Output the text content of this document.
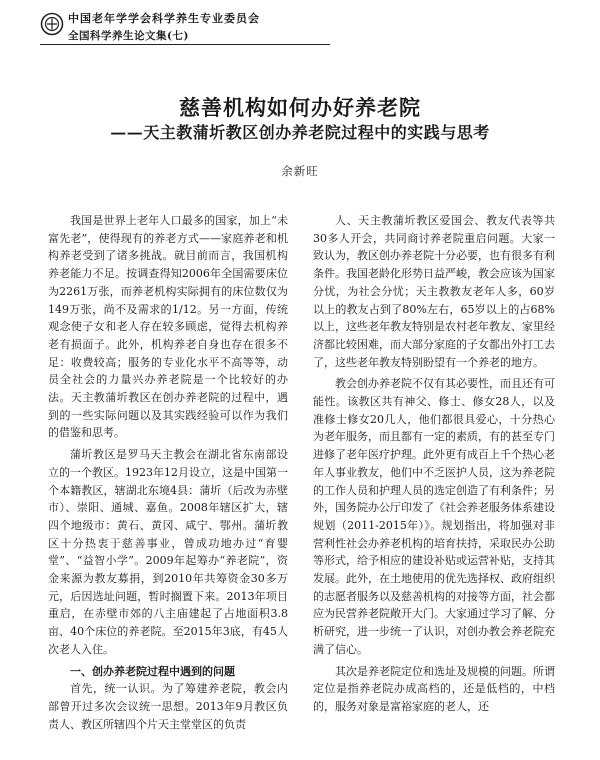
中国老年学学会科学养生专业委员会
全国科学养生论文集(七)
慈善机构如何办好养老院
——天主教蒲圻教区创办养老院过程中的实践与思考
余新旺

我国是世界上老年人口最多的国家，加上“未富先老”，使得现有的养老方式——家庭养老和机构养老受到了诸多挑战。就目前而言，我国机构养老能力不足。按调查得知2006年全国需要床位为2261万张，而养老机构实际拥有的床位数仅为149万张，尚不及需求的1/12。另一方面，传统观念使子女和老人存在较多顾虑，觉得去机构养老有损面子。此外，机构养老自身也存在很多不足：收费较高；服务的专业化水平不高等等，动员全社会的力量兴办养老院是一个比较好的办法。天主教蒲圻教区在创办养老院的过程中，遇到的一些实际问题以及其实践经验可以作为我们的借鉴和思考。

蒲圻教区是罗马天主教会在湖北省东南部设立的一个教区。1923年12月设立，这是中国第一个本籍教区，辖湖北东境4县：蒲圻（后改为赤壁市）、崇阳、通城、嘉鱼。2008年辖区扩大，辖四个地级市：黄石、黄冈、咸宁、鄂州。蒲圻教区十分热衷于慈善事业，曾成功地办过“育婴堂”、“益智小学”。2009年起筹办“养老院”，资金来源为教友募捐，到2010年共筹资金30多万元，后因选址问题，暂时搁置下来。2013年项目重启，在赤壁市郊的八主庙建起了占地面积3.8亩、40个床位的养老院。至2015年3底，有45人次老人入住。

一、创办养老院过程中遇到的问题

首先，统一认识。为了筹建养老院，教会内部曾开过多次会议统一思想。2013年9月教区负责人、教区所辖四个片天主堂堂区的负责

人、天主教蒲圻教区爱国会、教友代表等共30多人开会，共同商讨养老院重启问题。大家一致认为，教区创办养老院十分必要，也有很多有利条件。我国老龄化形势日益严峻，教会应该为国家分忧，为社会分忧；天主教教友老年人多，60岁以上的教友占到了80%左右，65岁以上的占68%以上，这些老年教友特别是农村老年教友、家里经济都比较困难，而大部分家庭的子女都出外打工去了，这些老年教友特别盼望有一个养老的地方。

教会创办养老院不仅有其必要性，而且还有可能性。该教区共有神父、修士、修女28人，以及准修士修女20几人，他们都很具爱心，十分热心为老年服务，而且都有一定的素质，有的甚至专门进修了老年医疗护理。此外更有成百上千个热心老年人事业教友，他们中不乏医护人员，这为养老院的工作人员和护理人员的选定创造了有利条件；另外，国务院办公厅印发了《社会养老服务体系建设规划（2011-2015年）》。规划指出，将加强对非营利性社会办养老机构的培育扶持，采取民办公助等形式，给予相应的建设补贴或运营补贴，支持其发展。此外，在土地使用的优先选择权、政府组织的志愿者服务以及慈善机构的对接等方面，社会都应为民营养老院敞开大门。大家通过学习了解、分析研究，进一步统一了认识，对创办教会养老院充满了信心。

其次是养老院定位和选址及规模的问题。所谓定位是指养老院办成高档的，还是低档的，中档的，服务对象是富裕家庭的老人，还
